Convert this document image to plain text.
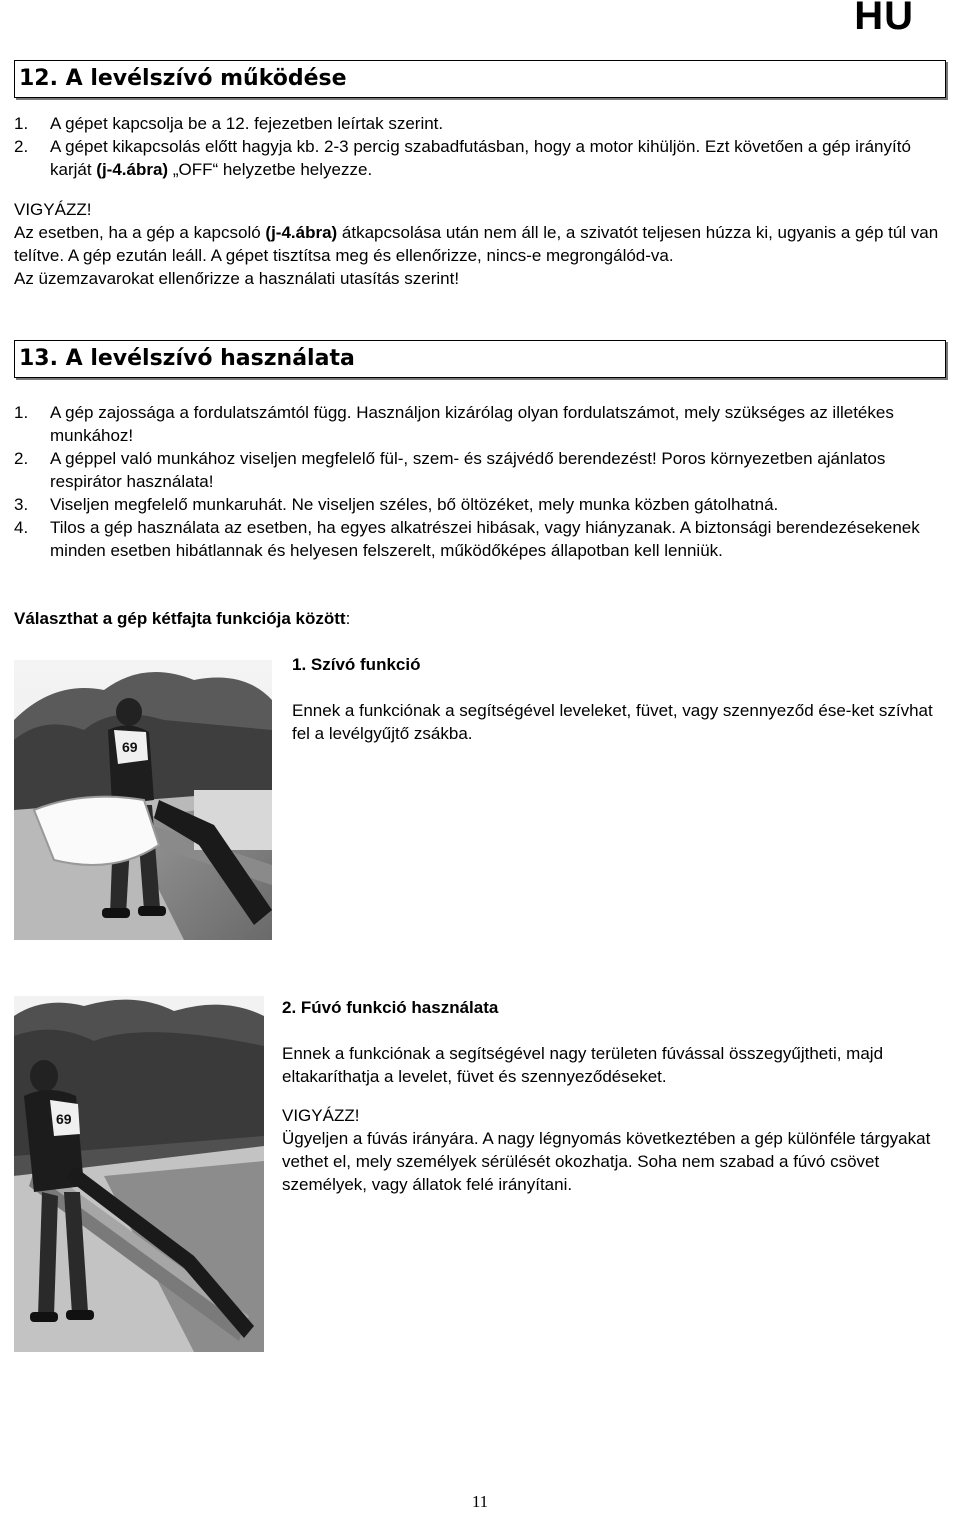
HU
12. A levélszívó működése
1. A gépet kapcsolja be a 12. fejezetben leírtak szerint.
2. A gépet kikapcsolás előtt hagyja kb. 2-3 percig szabadfutásban, hogy a motor kihüljön. Ezt követően a gép irányító karját (j-4.ábra) „OFF“ helyzetbe helyezze.
VIGYÁZZ!
Az esetben, ha a gép a kapcsoló (j-4.ábra) átkapcsolása után nem áll le, a szivatót teljesen húzza ki, ugyanis a gép túl van telítve. A gép ezután leáll. A gépet tisztítsa meg és ellenőrizze, nincs-e megrongálód-va.
Az üzemzavarokat ellenőrizze a használati utasítás szerint!
13. A levélszívó használata
1. A gép zajossága a fordulatszámtól függ. Használjon kizárólag olyan fordulatszámot, mely szükséges az illetékes munkához!
2. A géppel való munkához viseljen megfelelő fül-, szem- és szájvédő berendezést! Poros környezetben ajánlatos respirátor használata!
3. Viseljen megfelelő munkaruhát. Ne viseljen széles, bő öltözéket, mely munka közben gátolhatná.
4. Tilos a gép használata az esetben, ha egyes alkatrészei hibásak, vagy hiányzanak. A biztonsági berendezésekenek minden esetben hibátlannak és helyesen felszerelt, működőképes állapotban kell lenniük.
Választhat a gép kétfajta funkciója között:
69
1. Szívó funkció
Ennek a funkciónak a segítségével leveleket, füvet, vagy szennyeződ ése-ket szívhat fel a levélgyűjtő zsákba.
69
2. Fúvó funkció használata
Ennek a funkciónak a segítségével nagy területen fúvással összegyűjtheti, majd eltakaríthatja a levelet, füvet és szennyeződéseket.
VIGYÁZZ!
Ügyeljen a fúvás irányára. A nagy légnyomás következtében a gép különféle tárgyakat vethet el, mely személyek sérülését okozhatja. Soha nem szabad a fúvó csövet személyek, vagy állatok felé irányítani.
11
